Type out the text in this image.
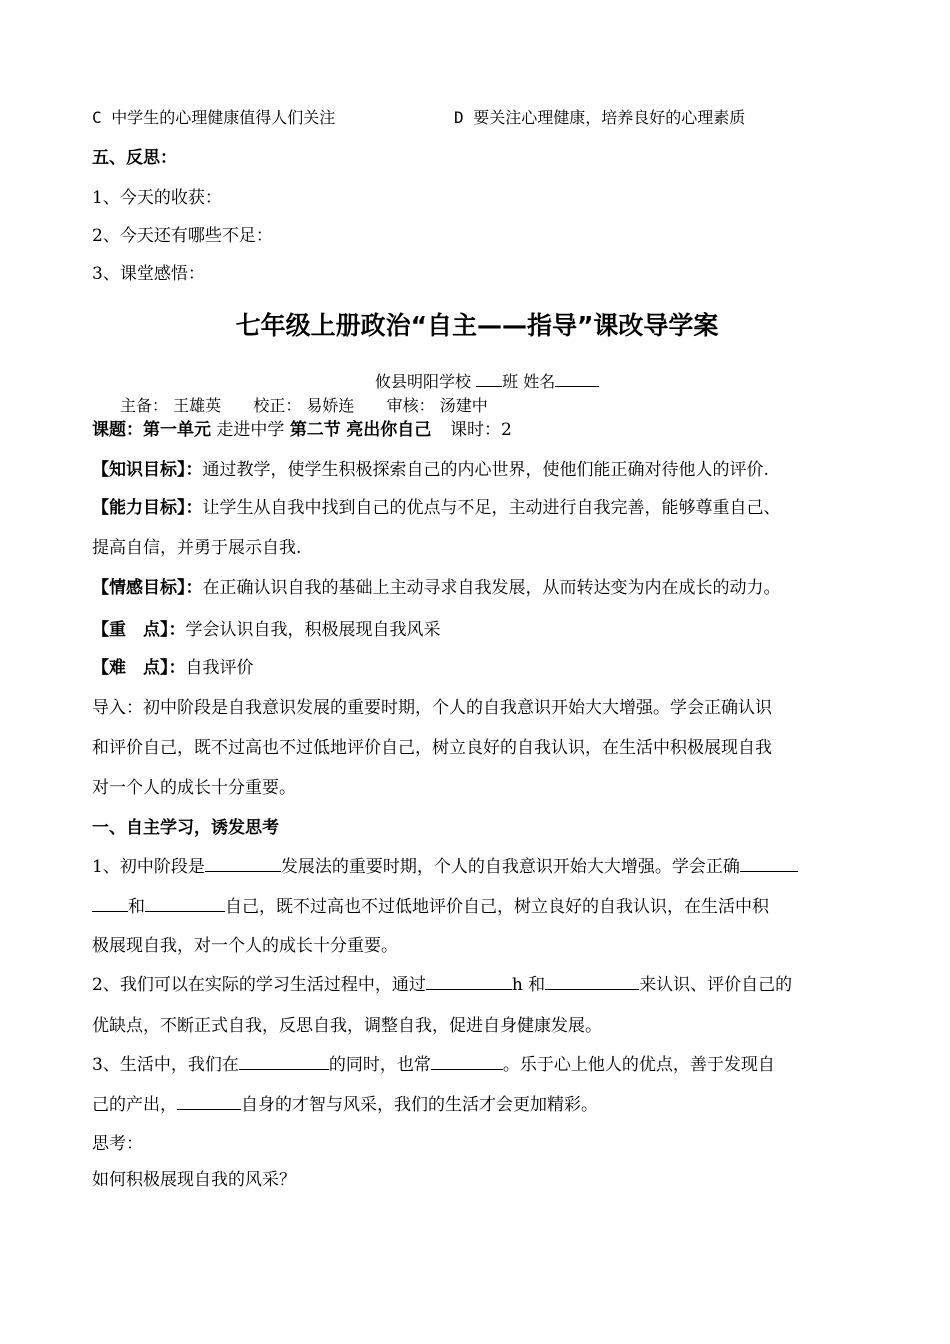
C 中学生的心理健康值得人们关注	D 要关注心理健康，培养良好的心理素质
五、反思：
1、今天的收获：
2、今天还有哪些不足：
3、课堂感悟：
七年级上册政治“自主——指导”课改导学案
攸县明阳学校 班 姓名
主备： 王雄英 校正： 易娇连 审核： 汤建中
课题：第一单元 走进中学 第二节 亮出你自己 课时：2
【知识目标】：通过教学，使学生积极探索自己的内心世界，使他们能正确对待他人的评价.
【能力目标】：让学生从自我中找到自己的优点与不足，主动进行自我完善，能够尊重自己、
提高自信，并勇于展示自我.
【情感目标】：在正确认识自我的基础上主动寻求自我发展，从而转达变为内在成长的动力。
【重　点】：学会认识自我，积极展现自我风采
【难　点】：自我评价
导入：初中阶段是自我意识发展的重要时期，个人的自我意识开始大大增强。学会正确认识
和评价自己，既不过高也不过低地评价自己，树立良好的自我认识，在生活中积极展现自我
对一个人的成长十分重要。
一、自主学习，诱发思考
1、初中阶段是	发展法的重要时期，个人的自我意识开始大大增强。学会正确
和	自己，既不过高也不过低地评价自己，树立良好的自我认识，在生活中积
极展现自我，对一个人的成长十分重要。
2、我们可以在实际的学习生活过程中，通过	h 和	来认识、评价自己的
优缺点，不断正式自我，反思自我，调整自我，促进自身健康发展。
3、生活中，我们在	的同时，也常	。乐于心上他人的优点，善于发现自
己的产出，	自身的才智与风采，我们的生活才会更加精彩。
思考：
如何积极展现自我的风采？
